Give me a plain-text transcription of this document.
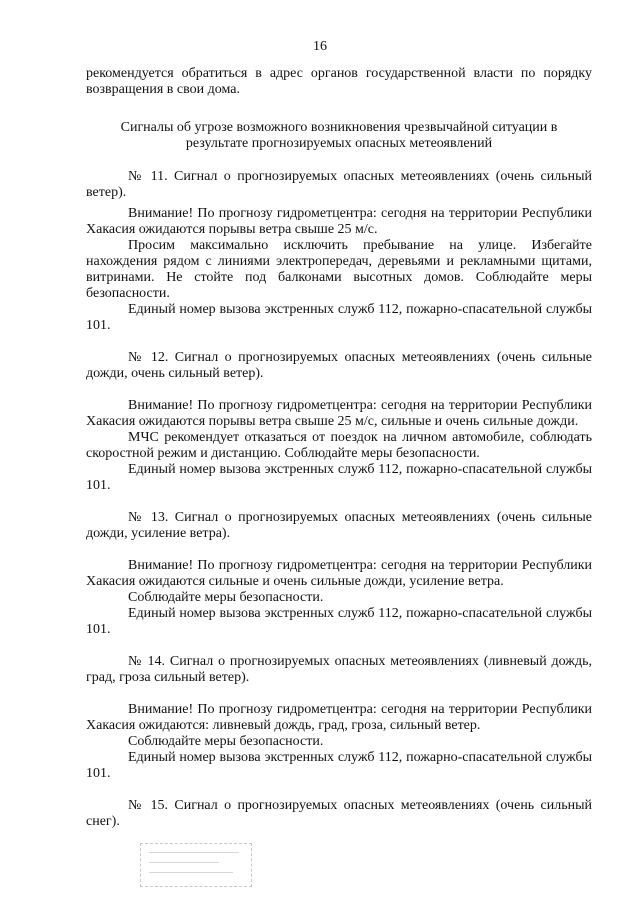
16

рекомендуется обратиться в адрес органов государственной власти по порядку возвращения в свои дома.

Сигналы об угрозе возможного возникновения чрезвычайной ситуации в результате прогнозируемых опасных метеоявлений

№ 11. Сигнал о прогнозируемых опасных метеоявлениях (очень сильный ветер).

Внимание! По прогнозу гидрометцентра: сегодня на территории Республики Хакасия ожидаются порывы ветра свыше 25 м/с.

Просим максимально исключить пребывание на улице. Избегайте нахождения рядом с линиями электропередач, деревьями и рекламными щитами, витринами. Не стойте под балконами высотных домов. Соблюдайте меры безопасности.

Единый номер вызова экстренных служб 112, пожарно-спасательной службы 101.

№ 12. Сигнал о прогнозируемых опасных метеоявлениях (очень сильные дожди, очень сильный ветер).

Внимание! По прогнозу гидрометцентра: сегодня на территории Республики Хакасия ожидаются порывы ветра свыше 25 м/с, сильные и очень сильные дожди.

МЧС рекомендует отказаться от поездок на личном автомобиле, соблюдать скоростной режим и дистанцию. Соблюдайте меры безопасности.

Единый номер вызова экстренных служб 112, пожарно-спасательной службы 101.

№ 13. Сигнал о прогнозируемых опасных метеоявлениях (очень сильные дожди, усиление ветра).

Внимание! По прогнозу гидрометцентра: сегодня на территории Республики Хакасия ожидаются сильные и очень сильные дожди, усиление ветра.

Соблюдайте меры безопасности.

Единый номер вызова экстренных служб 112, пожарно-спасательной службы 101.

№ 14. Сигнал о прогнозируемых опасных метеоявлениях (ливневый дождь, град, гроза сильный ветер).

Внимание! По прогнозу гидрометцентра: сегодня на территории Республики Хакасия ожидаются: ливневый дождь, град, гроза, сильный ветер.

Соблюдайте меры безопасности.

Единый номер вызова экстренных служб 112, пожарно-спасательной службы 101.

№ 15. Сигнал о прогнозируемых опасных метеоявлениях (очень сильный снег).
